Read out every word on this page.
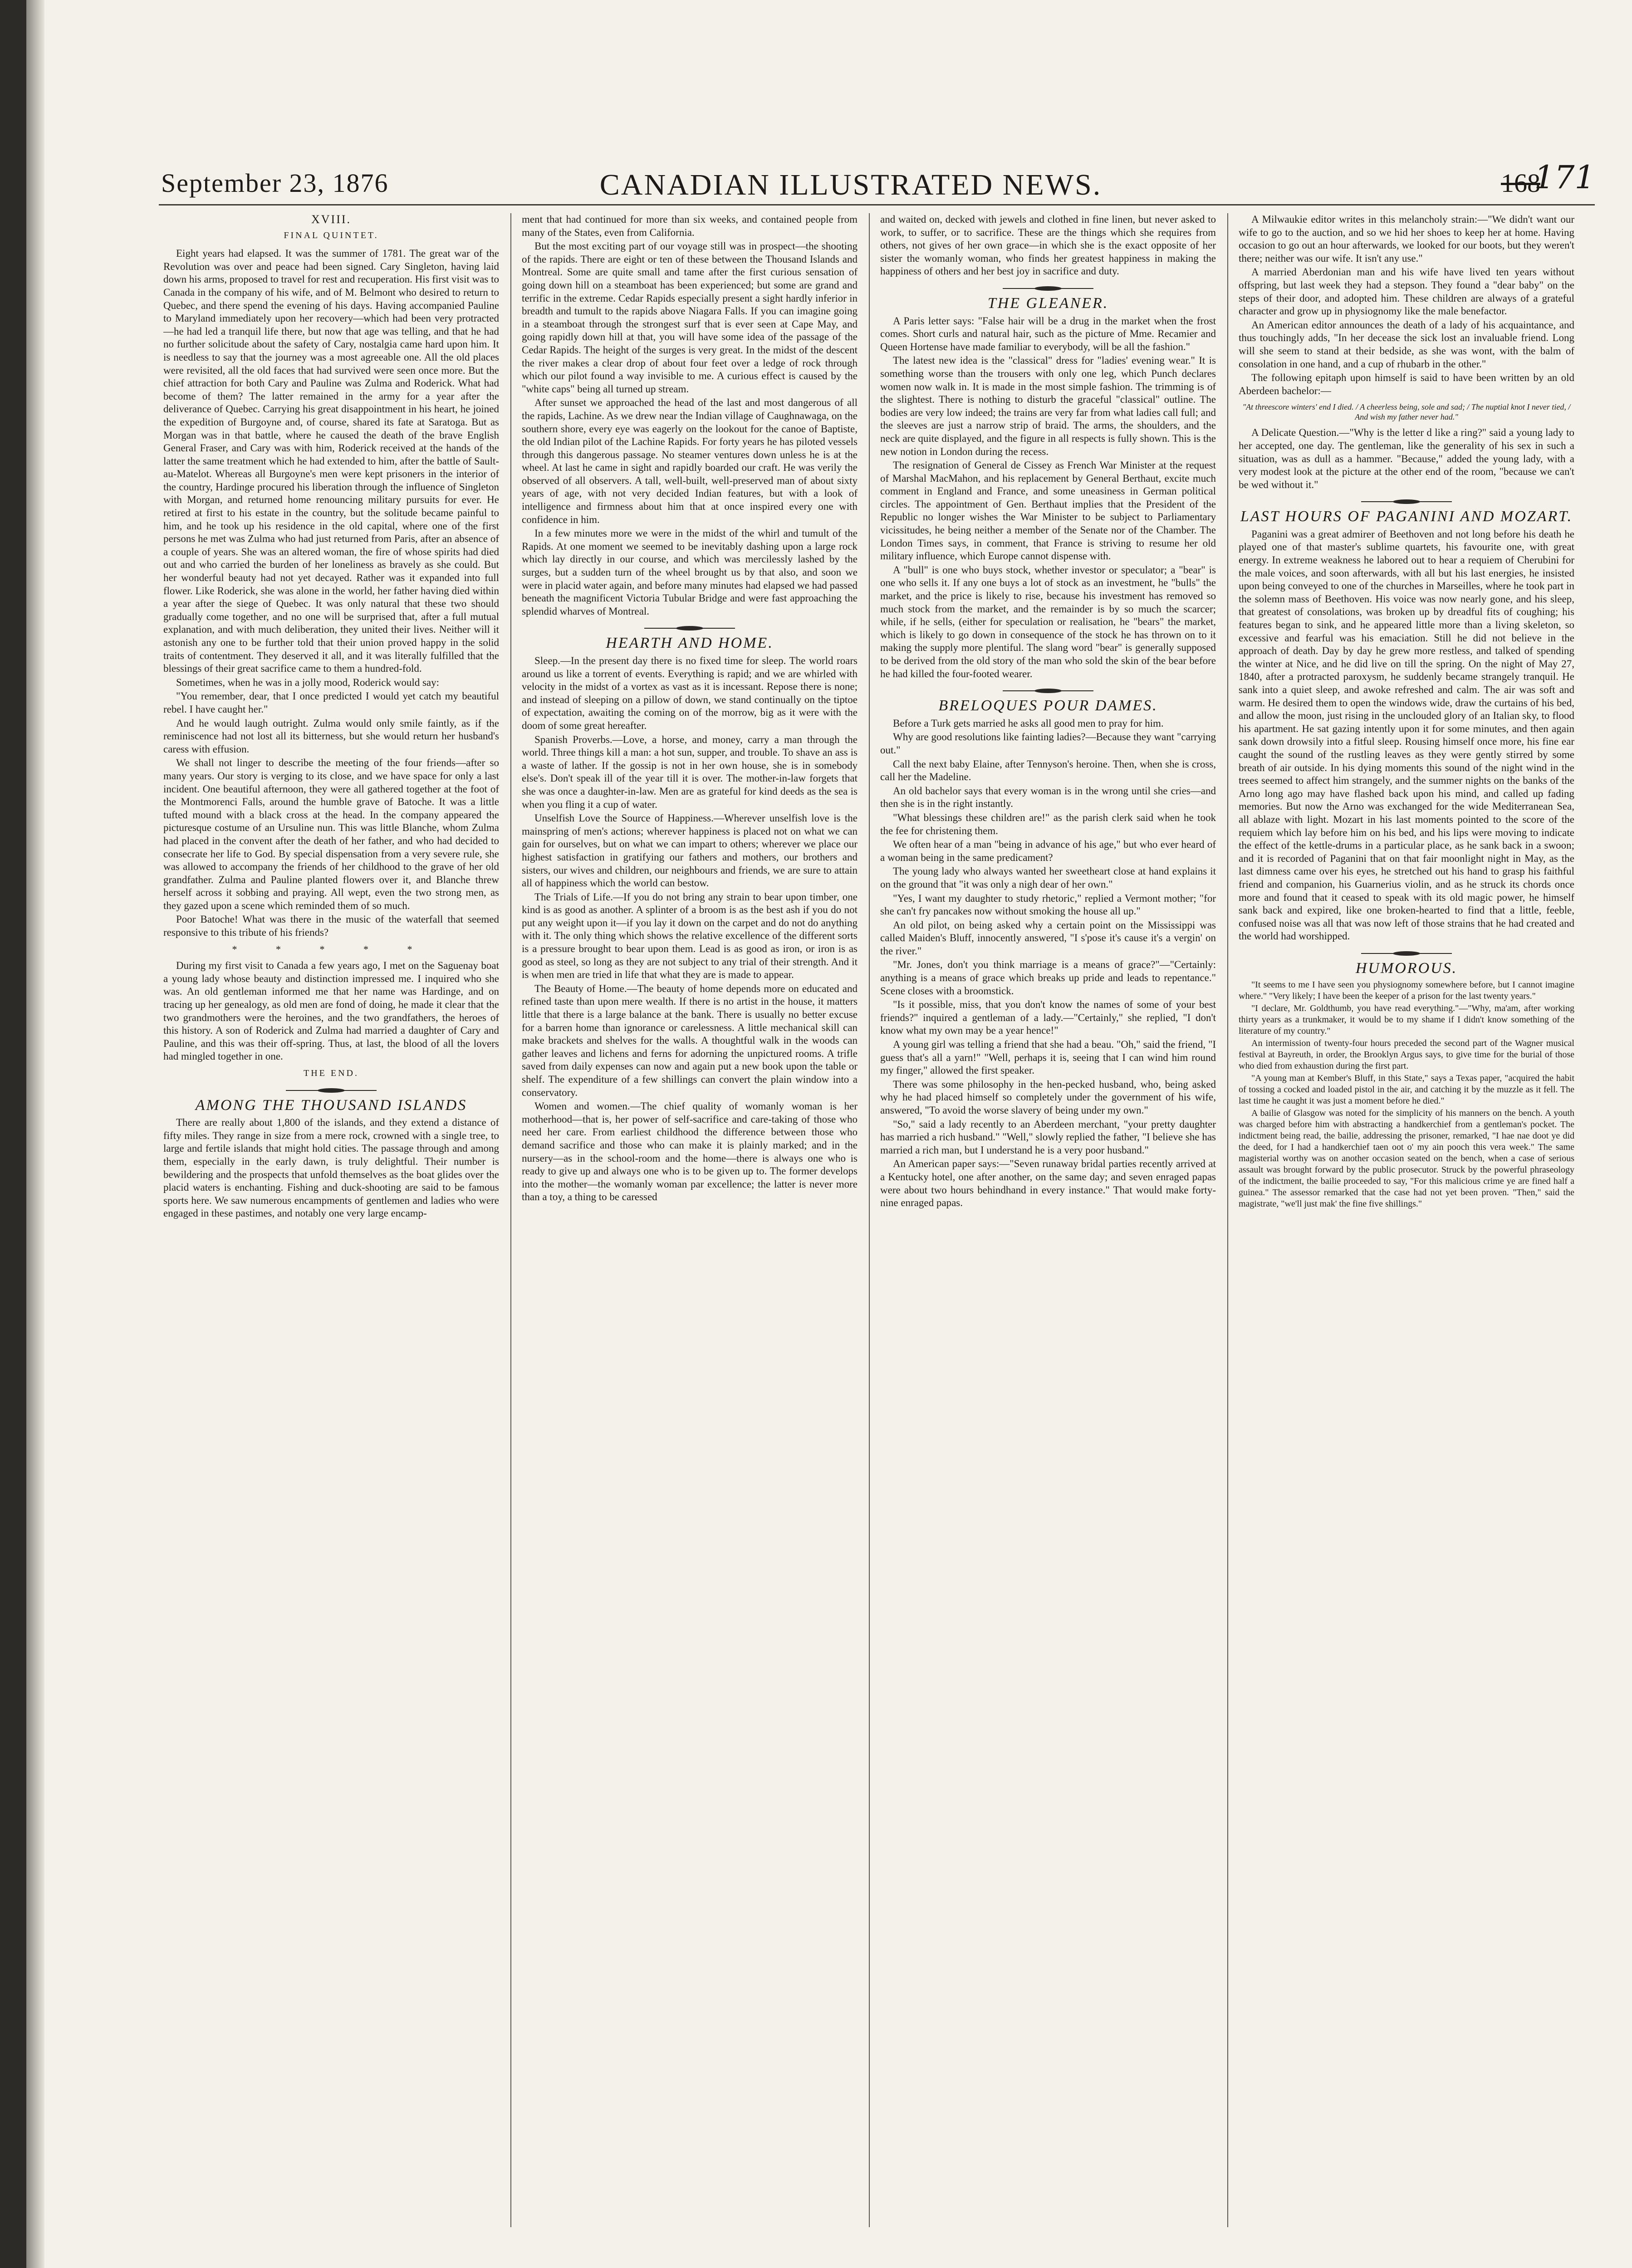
September 23, 1876	CANADIAN ILLUSTRATED NEWS.	168
171
XVIII.
FINAL QUINTET.

Eight years had elapsed. It was the summer of 1781. The great war of the Revolution was over and peace had been signed. Cary Singleton, having laid down his arms, proposed to travel for rest and recuperation. His first visit was to Canada in the company of his wife, and of M. Belmont who desired to return to Quebec, and there spend the evening of his days. Having accompanied Pauline to Maryland immediately upon her recovery—which had been very protracted—he had led a tranquil life there, but now that age was telling, and that he had no further solicitude about the safety of Cary, nostalgia came hard upon him. It is needless to say that the journey was a most agreeable one. All the old places were revisited, all the old faces that had survived were seen once more. But the chief attraction for both Cary and Pauline was Zulma and Roderick. What had become of them? The latter remained in the army for a year after the deliverance of Quebec. Carrying his great disappointment in his heart, he joined the expedition of Burgoyne and, of course, shared its fate at Saratoga. But as Morgan was in that battle, where he caused the death of the brave English General Fraser, and Cary was with him, Roderick received at the hands of the latter the same treatment which he had extended to him, after the battle of Sault-au-Matelot. Whereas all Burgoyne's men were kept prisoners in the interior of the country, Hardinge procured his liberation through the influence of Singleton with Morgan, and returned home renouncing military pursuits for ever. He retired at first to his estate in the country, but the solitude became painful to him, and he took up his residence in the old capital, where one of the first persons he met was Zulma who had just returned from Paris, after an absence of a couple of years. She was an altered woman, the fire of whose spirits had died out and who carried the burden of her loneliness as bravely as she could. But her wonderful beauty had not yet decayed. Rather was it expanded into full flower. Like Roderick, she was alone in the world, her father having died within a year after the siege of Quebec. It was only natural that these two should gradually come together, and no one will be surprised that, after a full mutual explanation, and with much deliberation, they united their lives. Neither will it astonish any one to be further told that their union proved happy in the solid traits of contentment. They deserved it all, and it was literally fulfilled that the blessings of their great sacrifice came to them a hundred-fold.

Sometimes, when he was in a jolly mood, Roderick would say:

"You remember, dear, that I once predicted I would yet catch my beautiful rebel. I have caught her."

And he would laugh outright. Zulma would only smile faintly, as if the reminiscence had not lost all its bitterness, but she would return her husband's caress with effusion.

We shall not linger to describe the meeting of the four friends—after so many years. Our story is verging to its close, and we have space for only a last incident. One beautiful afternoon, they were all gathered together at the foot of the Montmorenci Falls, around the humble grave of Batoche. It was a little tufted mound with a black cross at the head. In the company appeared the picturesque costume of an Ursuline nun. This was little Blanche, whom Zulma had placed in the convent after the death of her father, and who had decided to consecrate her life to God. By special dispensation from a very severe rule, she was allowed to accompany the friends of her childhood to the grave of her old grandfather. Zulma and Pauline planted flowers over it, and Blanche threw herself across it sobbing and praying. All wept, even the two strong men, as they gazed upon a scene which reminded them of so much.

Poor Batoche! What was there in the music of the waterfall that seemed responsive to this tribute of his friends?

* * * * *

During my first visit to Canada a few years ago, I met on the Saguenay boat a young lady whose beauty and distinction impressed me. I inquired who she was. An old gentleman informed me that her name was Hardinge, and on tracing up her genealogy, as old men are fond of doing, he made it clear that the two grandmothers were the heroines, and the two grandfathers, the heroes of this history. A son of Roderick and Zulma had married a daughter of Cary and Pauline, and this was their off-spring. Thus, at last, the blood of all the lovers had mingled together in one.

THE END.
AMONG THE THOUSAND ISLANDS

There are really about 1,800 of the islands, and they extend a distance of fifty miles. They range in size from a mere rock, crowned with a single tree, to large and fertile islands that might hold cities. The passage through and among them, especially in the early dawn, is truly delightful. Their number is bewildering and the prospects that unfold themselves as the boat glides over the placid waters is enchanting. Fishing and duck-shooting are said to be famous sports here. We saw numerous encampments of gentlemen and ladies who were engaged in these pastimes, and notably one very large encamp-

ment that had continued for more than six weeks, and contained people from many of the States, even from California.

But the most exciting part of our voyage still was in prospect—the shooting of the rapids. There are eight or ten of these between the Thousand Islands and Montreal. Some are quite small and tame after the first curious sensation of going down hill on a steamboat has been experienced; but some are grand and terrific in the extreme. Cedar Rapids especially present a sight hardly inferior in breadth and tumult to the rapids above Niagara Falls. If you can imagine going in a steamboat through the strongest surf that is ever seen at Cape May, and going rapidly down hill at that, you will have some idea of the passage of the Cedar Rapids. The height of the surges is very great. In the midst of the descent the river makes a clear drop of about four feet over a ledge of rock through which our pilot found a way invisible to me. A curious effect is caused by the "white caps" being all turned up stream.

After sunset we approached the head of the last and most dangerous of all the rapids, Lachine. As we drew near the Indian village of Caughnawaga, on the southern shore, every eye was eagerly on the lookout for the canoe of Baptiste, the old Indian pilot of the Lachine Rapids. For forty years he has piloted vessels through this dangerous passage. No steamer ventures down unless he is at the wheel. At last he came in sight and rapidly boarded our craft. He was verily the observed of all observers. A tall, well-built, well-preserved man of about sixty years of age, with not very decided Indian features, but with a look of intelligence and firmness about him that at once inspired every one with confidence in him.

In a few minutes more we were in the midst of the whirl and tumult of the Rapids. At one moment we seemed to be inevitably dashing upon a large rock which lay directly in our course, and which was mercilessly lashed by the surges, but a sudden turn of the wheel brought us by that also, and soon we were in placid water again, and before many minutes had elapsed we had passed beneath the magnificent Victoria Tubular Bridge and were fast approaching the splendid wharves of Montreal.

HEARTH AND HOME.

Sleep.—In the present day there is no fixed time for sleep. The world roars around us like a torrent of events. Everything is rapid; and we are whirled with velocity in the midst of a vortex as vast as it is incessant. Repose there is none; and instead of sleeping on a pillow of down, we stand continually on the tiptoe of expectation, awaiting the coming on of the morrow, big as it were with the doom of some great hereafter.

Spanish Proverbs.—Love, a horse, and money, carry a man through the world. Three things kill a man: a hot sun, supper, and trouble. To shave an ass is a waste of lather. If the gossip is not in her own house, she is in somebody else's. Don't speak ill of the year till it is over. The mother-in-law forgets that she was once a daughter-in-law. Men are as grateful for kind deeds as the sea is when you fling it a cup of water.

Unselfish Love the Source of Happiness.—Wherever unselfish love is the mainspring of men's actions; wherever happiness is placed not on what we can gain for ourselves, but on what we can impart to others; wherever we place our highest satisfaction in gratifying our fathers and mothers, our brothers and sisters, our wives and children, our neighbours and friends, we are sure to attain all of happiness which the world can bestow.

The Trials of Life.—If you do not bring any strain to bear upon timber, one kind is as good as another. A splinter of a broom is as the best ash if you do not put any weight upon it—if you lay it down on the carpet and do not do anything with it. The only thing which shows the relative excellence of the different sorts is a pressure brought to bear upon them. Lead is as good as iron, or iron is as good as steel, so long as they are not subject to any trial of their strength. And it is when men are tried in life that what they are is made to appear.

The Beauty of Home.—The beauty of home depends more on educated and refined taste than upon mere wealth. If there is no artist in the house, it matters little that there is a large balance at the bank. There is usually no better excuse for a barren home than ignorance or carelessness. A little mechanical skill can make brackets and shelves for the walls. A thoughtful walk in the woods can gather leaves and lichens and ferns for adorning the unpictured rooms. A trifle saved from daily expenses can now and again put a new book upon the table or shelf. The expenditure of a few shillings can convert the plain window into a conservatory.

Women and women.—The chief quality of womanly woman is her motherhood—that is, her power of self-sacrifice and care-taking of those who need her care. From earliest childhood the difference between those who demand sacrifice and those who can make it is plainly marked; and in the nursery—as in the school-room and the home—there is always one who is ready to give up and always one who is to be given up to. The former develops into the mother—the womanly woman par excellence; the latter is never more than a toy, a thing to be caressed

and waited on, decked with jewels and clothed in fine linen, but never asked to work, to suffer, or to sacrifice. These are the things which she requires from others, not gives of her own grace—in which she is the exact opposite of her sister the womanly woman, who finds her greatest happiness in making the happiness of others and her best joy in sacrifice and duty.

THE GLEANER.

A Paris letter says: "False hair will be a drug in the market when the frost comes. Short curls and natural hair, such as the picture of Mme. Recamier and Queen Hortense have made familiar to everybody, will be all the fashion."

The latest new idea is the "classical" dress for "ladies' evening wear." It is something worse than the trousers with only one leg, which Punch declares women now walk in. It is made in the most simple fashion. The trimming is of the slightest. There is nothing to disturb the graceful "classical" outline. The bodies are very low indeed; the trains are very far from what ladies call full; and the sleeves are just a narrow strip of braid. The arms, the shoulders, and the neck are quite displayed, and the figure in all respects is fully shown. This is the new notion in London during the recess.

The resignation of General de Cissey as French War Minister at the request of Marshal MacMahon, and his replacement by General Berthaut, excite much comment in England and France, and some uneasiness in German political circles. The appointment of Gen. Berthaut implies that the President of the Republic no longer wishes the War Minister to be subject to Parliamentary vicissitudes, he being neither a member of the Senate nor of the Chamber. The London Times says, in comment, that France is striving to resume her old military influence, which Europe cannot dispense with.

A "bull" is one who buys stock, whether investor or speculator; a "bear" is one who sells it. If any one buys a lot of stock as an investment, he "bulls" the market, and the price is likely to rise, because his investment has removed so much stock from the market, and the remainder is by so much the scarcer; while, if he sells, (either for speculation or realisation, he "bears" the market, which is likely to go down in consequence of the stock he has thrown on to it making the supply more plentiful. The slang word "bear" is generally supposed to be derived from the old story of the man who sold the skin of the bear before he had killed the four-footed wearer.

BRELOQUES POUR DAMES.

Before a Turk gets married he asks all good men to pray for him.

Why are good resolutions like fainting ladies?—Because they want "carrying out."

Call the next baby Elaine, after Tennyson's heroine. Then, when she is cross, call her the Madeline.

An old bachelor says that every woman is in the wrong until she cries—and then she is in the right instantly.

"What blessings these children are!" as the parish clerk said when he took the fee for christening them.

We often hear of a man "being in advance of his age," but who ever heard of a woman being in the same predicament?

The young lady who always wanted her sweetheart close at hand explains it on the ground that "it was only a nigh dear of her own."

"Yes, I want my daughter to study rhetoric," replied a Vermont mother; "for she can't fry pancakes now without smoking the house all up."

An old pilot, on being asked why a certain point on the Mississippi was called Maiden's Bluff, innocently answered, "I s'pose it's cause it's a vergin' on the river."

"Mr. Jones, don't you think marriage is a means of grace?"—"Certainly: anything is a means of grace which breaks up pride and leads to repentance." Scene closes with a broomstick.

"Is it possible, miss, that you don't know the names of some of your best friends?" inquired a gentleman of a lady.—"Certainly," she replied, "I don't know what my own may be a year hence!"

A young girl was telling a friend that she had a beau. "Oh," said the friend, "I guess that's all a yarn!" "Well, perhaps it is, seeing that I can wind him round my finger," allowed the first speaker.

There was some philosophy in the hen-pecked husband, who, being asked why he had placed himself so completely under the government of his wife, answered, "To avoid the worse slavery of being under my own."

"So," said a lady recently to an Aberdeen merchant, "your pretty daughter has married a rich husband." "Well," slowly replied the father, "I believe she has married a rich man, but I understand he is a very poor husband."

An American paper says:—"Seven runaway bridal parties recently arrived at a Kentucky hotel, one after another, on the same day; and seven enraged papas were about two hours behindhand in every instance." That would make forty-nine enraged papas.

A Milwaukie editor writes in this melancholy strain:—"We didn't want our wife to go to the auction, and so we hid her shoes to keep her at home. Having occasion to go out an hour afterwards, we looked for our boots, but they weren't there; neither was our wife. It isn't any use."

A married Aberdonian man and his wife have lived ten years without offspring, but last week they had a stepson. They found a "dear baby" on the steps of their door, and adopted him. These children are always of a grateful character and grow up in physiognomy like the male benefactor.

An American editor announces the death of a lady of his acquaintance, and thus touchingly adds, "In her decease the sick lost an invaluable friend. Long will she seem to stand at their bedside, as she was wont, with the balm of consolation in one hand, and a cup of rhubarb in the other."

The following epitaph upon himself is said to have been written by an old Aberdeen bachelor:—

"At threescore winters' end I died. / A cheerless being, sole and sad; / The nuptial knot I never tied, / And wish my father never had."

A Delicate Question.—"Why is the letter d like a ring?" said a young lady to her accepted, one day. The gentleman, like the generality of his sex in such a situation, was as dull as a hammer. "Because," added the young lady, with a very modest look at the picture at the other end of the room, "because we can't be wed without it."

LAST HOURS OF PAGANINI AND MOZART.

Paganini was a great admirer of Beethoven and not long before his death he played one of that master's sublime quartets, his favourite one, with great energy. In extreme weakness he labored out to hear a requiem of Cherubini for the male voices, and soon afterwards, with all but his last energies, he insisted upon being conveyed to one of the churches in Marseilles, where he took part in the solemn mass of Beethoven. His voice was now nearly gone, and his sleep, that greatest of consolations, was broken up by dreadful fits of coughing; his features began to sink, and he appeared little more than a living skeleton, so excessive and fearful was his emaciation. Still he did not believe in the approach of death. Day by day he grew more restless, and talked of spending the winter at Nice, and he did live on till the spring. On the night of May 27, 1840, after a protracted paroxysm, he suddenly became strangely tranquil. He sank into a quiet sleep, and awoke refreshed and calm. The air was soft and warm. He desired them to open the windows wide, draw the curtains of his bed, and allow the moon, just rising in the unclouded glory of an Italian sky, to flood his apartment. He sat gazing intently upon it for some minutes, and then again sank down drowsily into a fitful sleep. Rousing himself once more, his fine ear caught the sound of the rustling leaves as they were gently stirred by some breath of air outside. In his dying moments this sound of the night wind in the trees seemed to affect him strangely, and the summer nights on the banks of the Arno long ago may have flashed back upon his mind, and called up fading memories. But now the Arno was exchanged for the wide Mediterranean Sea, all ablaze with light. Mozart in his last moments pointed to the score of the requiem which lay before him on his bed, and his lips were moving to indicate the effect of the kettle-drums in a particular place, as he sank back in a swoon; and it is recorded of Paganini that on that fair moonlight night in May, as the last dimness came over his eyes, he stretched out his hand to grasp his faithful friend and companion, his Guarnerius violin, and as he struck its chords once more and found that it ceased to speak with its old magic power, he himself sank back and expired, like one broken-hearted to find that a little, feeble, confused noise was all that was now left of those strains that he had created and the world had worshipped.

HUMOROUS.

"It seems to me I have seen you physiognomy somewhere before, but I cannot imagine where." "Very likely; I have been the keeper of a prison for the last twenty years."

"I declare, Mr. Goldthumb, you have read everything."—"Why, ma'am, after working thirty years as a trunkmaker, it would be to my shame if I didn't know something of the literature of my country."

An intermission of twenty-four hours preceded the second part of the Wagner musical festival at Bayreuth, in order, the Brooklyn Argus says, to give time for the burial of those who died from exhaustion during the first part.

"A young man at Kember's Bluff, in this State," says a Texas paper, "acquired the habit of tossing a cocked and loaded pistol in the air, and catching it by the muzzle as it fell. The last time he caught it was just a moment before he died."

A bailie of Glasgow was noted for the simplicity of his manners on the bench. A youth was charged before him with abstracting a handkerchief from a gentleman's pocket. The indictment being read, the bailie, addressing the prisoner, remarked, "I hae nae doot ye did the deed, for I had a handkerchief taen oot o' my ain pooch this vera week." The same magisterial worthy was on another occasion seated on the bench, when a case of serious assault was brought forward by the public prosecutor. Struck by the powerful phraseology of the indictment, the bailie proceeded to say, "For this malicious crime ye are fined half a guinea." The assessor remarked that the case had not yet been proven. "Then," said the magistrate, "we'll just mak' the fine five shillings."
